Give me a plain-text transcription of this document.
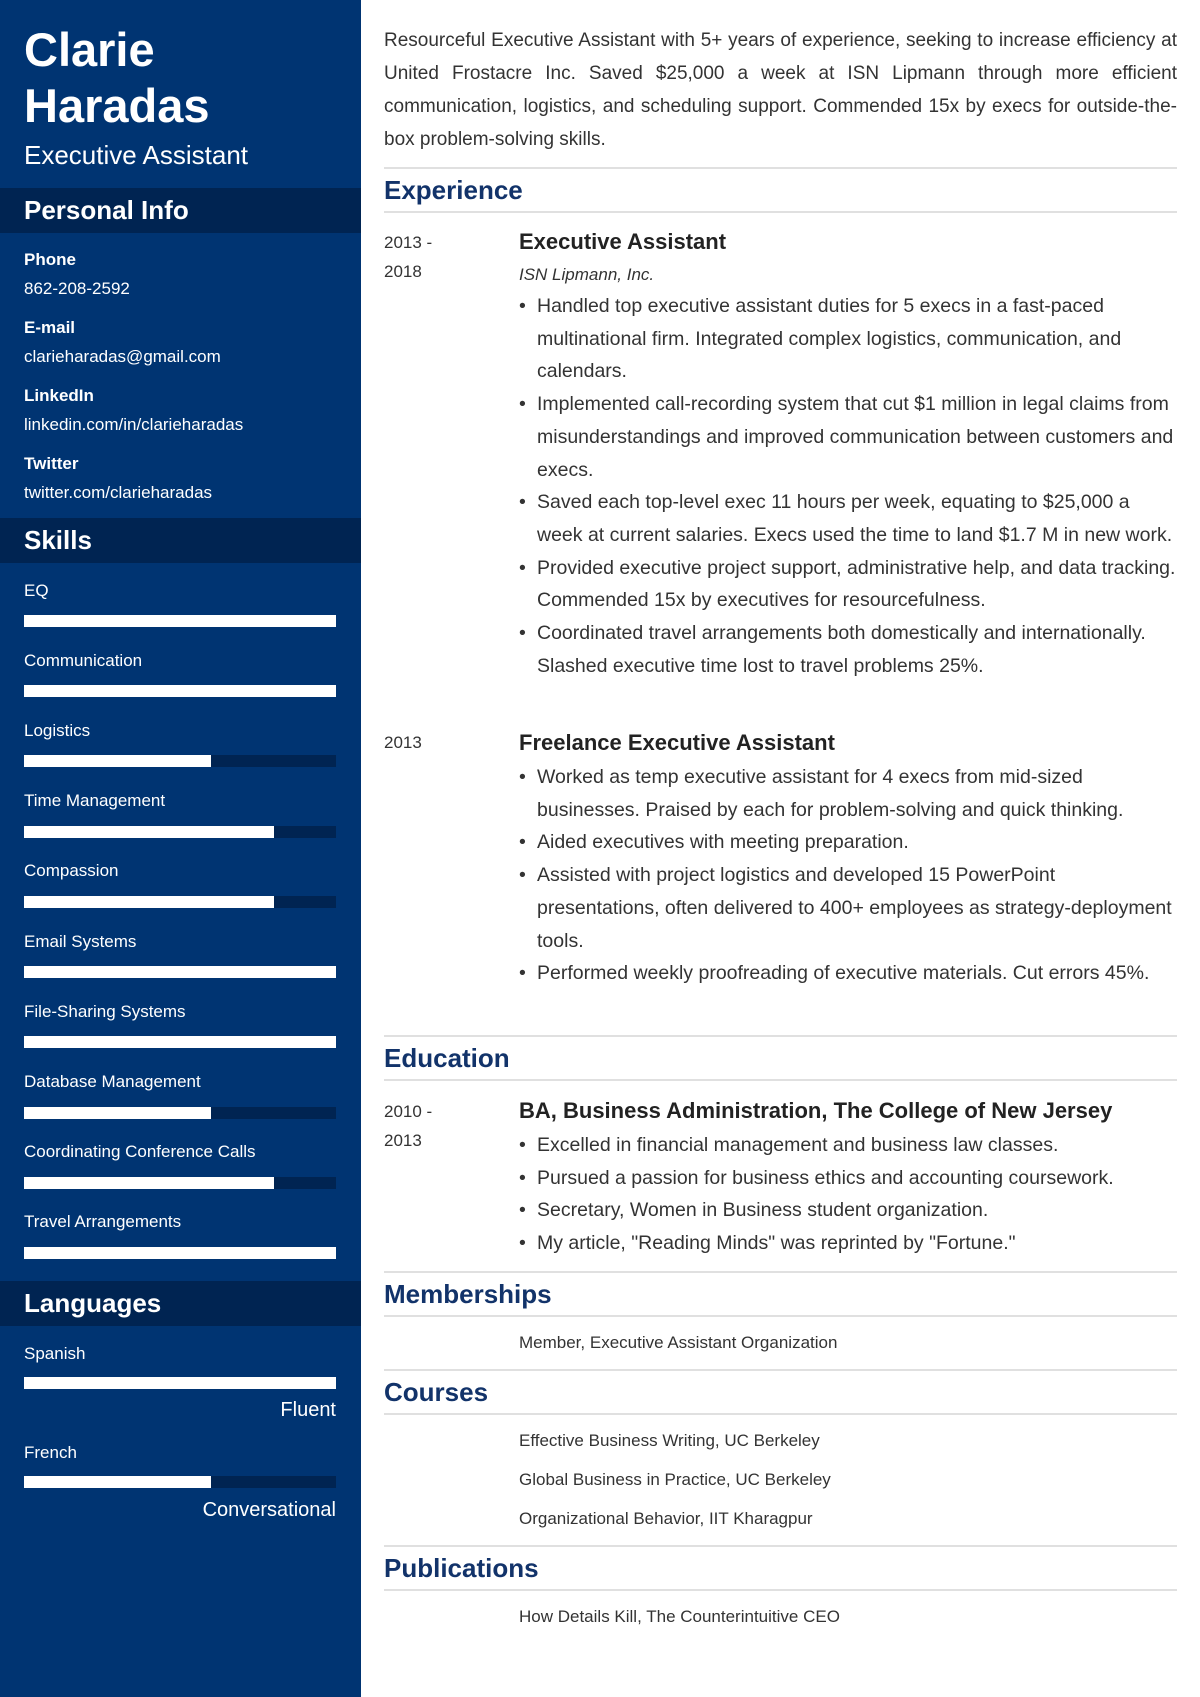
Clarie
Haradas
Executive Assistant
Personal Info
Phone
862-208-2592
E-mail
clarieharadas@gmail.com
LinkedIn
linkedin.com/in/clarieharadas
Twitter
twitter.com/clarieharadas
Skills
EQ
Communication
Logistics
Time Management
Compassion
Email Systems
File-Sharing Systems
Database Management
Coordinating Conference Calls
Travel Arrangements
Languages
Spanish
Fluent
French
Conversational
Resourceful Executive Assistant with 5+ years of experience, seeking to increase efficiency at United Frostacre Inc. Saved $25,000 a week at ISN Lipmann through more efficient communication, logistics, and scheduling support. Commended 15x by execs for outside-the-box problem-solving skills.
Experience
2013 -
2018
Executive Assistant
ISN Lipmann, Inc.
• Handled top executive assistant duties for 5 execs in a fast-paced multinational firm. Integrated complex logistics, communication, and calendars.
• Implemented call-recording system that cut $1 million in legal claims from misunderstandings and improved communication between customers and execs.
• Saved each top-level exec 11 hours per week, equating to $25,000 a week at current salaries. Execs used the time to land $1.7 M in new work.
• Provided executive project support, administrative help, and data tracking. Commended 15x by executives for resourcefulness.
• Coordinated travel arrangements both domestically and internationally. Slashed executive time lost to travel problems 25%.
2013	Freelance Executive Assistant
• Worked as temp executive assistant for 4 execs from mid-sized businesses. Praised by each for problem-solving and quick thinking.
• Aided executives with meeting preparation.
• Assisted with project logistics and developed 15 PowerPoint presentations, often delivered to 400+ employees as strategy-deployment tools.
• Performed weekly proofreading of executive materials. Cut errors 45%.
Education
2010 -
2013
BA, Business Administration, The College of New Jersey
• Excelled in financial management and business law classes.
• Pursued a passion for business ethics and accounting coursework.
• Secretary, Women in Business student organization.
• My article, "Reading Minds" was reprinted by "Fortune."
Memberships
Member, Executive Assistant Organization
Courses
Effective Business Writing, UC Berkeley
Global Business in Practice, UC Berkeley
Organizational Behavior, IIT Kharagpur
Publications
How Details Kill, The Counterintuitive CEO
